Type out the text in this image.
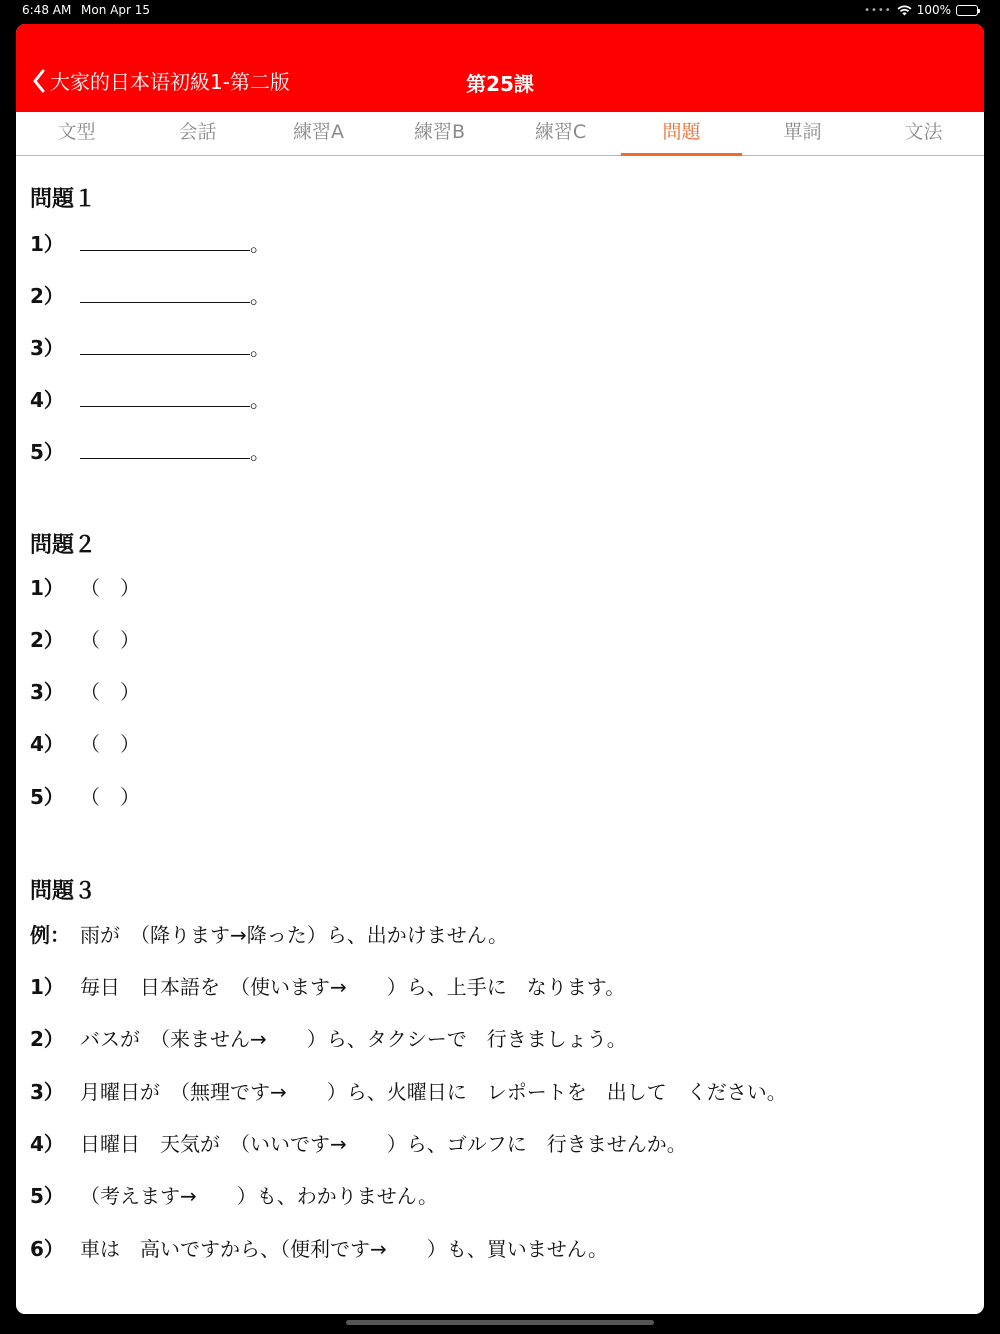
6:48 AM Mon Apr 15	•••• 100%
大家的日本语初級1-第二版	第25課
文型	会話	練習A	練習B	練習C	問題	單詞	文法
問題１
1）	。
2）	。
3）	。
4）	。
5）	。
問題２
1） （　）
2） （　）
3） （　）
4） （　）
5） （　）
問題３
例： 雨が　（降ります→降った）ら、出かけません。
1） 毎日　日本語を　（使います→　　）ら、上手に　なります。
2） バスが　（来ません→　　）ら、タクシーで　行きましょう。
3） 月曜日が　（無理です→　　）ら、火曜日に　レポートを　出して　ください。
4） 日曜日　天気が　（いいです→　　）ら、ゴルフに　行きませんか。
5） （考えます→　　）も、わかりません。
6） 車は　高いですから、（便利です→　　）も、買いません。
